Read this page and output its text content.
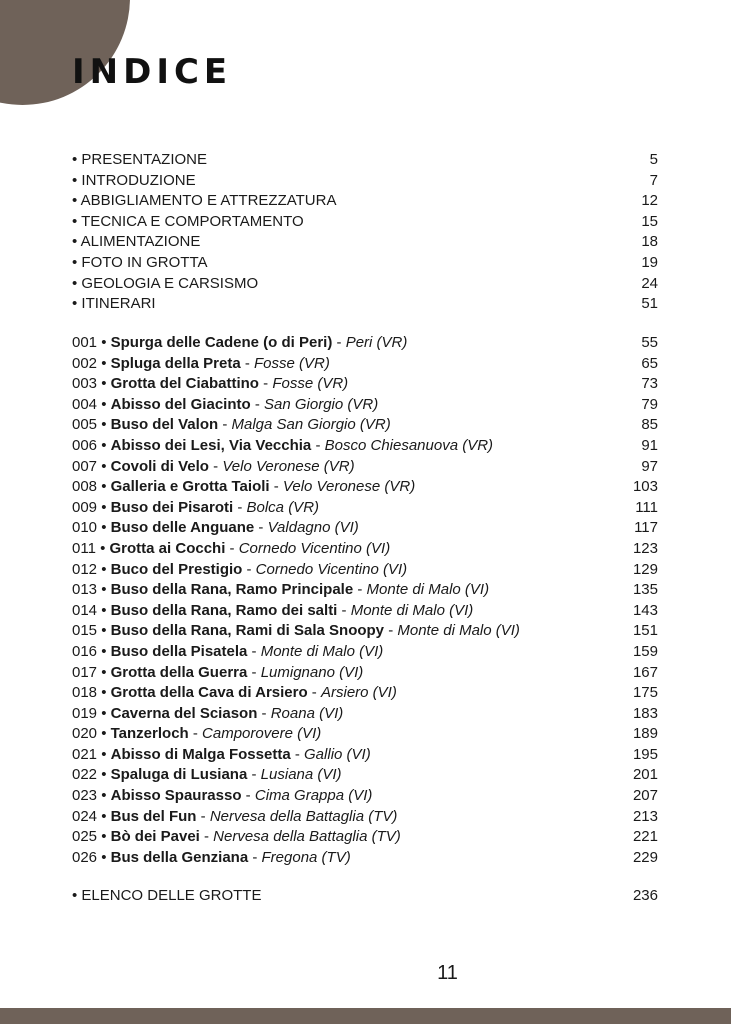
INDICE
• PRESENTAZIONE	5
• INTRODUZIONE	7
• ABBIGLIAMENTO E ATTREZZATURA	12
• TECNICA E COMPORTAMENTO	15
• ALIMENTAZIONE	18
• FOTO IN GROTTA	19
• GEOLOGIA E CARSISMO	24
• ITINERARI	51
001 • Spurga delle Cadene (o di Peri) - Peri (VR)	55
002 • Spluga della Preta - Fosse (VR)	65
003 • Grotta del Ciabattino - Fosse (VR)	73
004 • Abisso del Giacinto - San Giorgio (VR)	79
005 • Buso del Valon - Malga San Giorgio (VR)	85
006 • Abisso dei Lesi, Via Vecchia - Bosco Chiesanuova (VR)	91
007 • Covoli di Velo - Velo Veronese (VR)	97
008 • Galleria e Grotta Taioli - Velo Veronese (VR)	103
009 • Buso dei Pisaroti - Bolca (VR)	111
010 • Buso delle Anguane - Valdagno (VI)	117
011 • Grotta ai Cocchi - Cornedo Vicentino (VI)	123
012 • Buco del Prestigio - Cornedo Vicentino (VI)	129
013 • Buso della Rana, Ramo Principale - Monte di Malo (VI)	135
014 • Buso della Rana, Ramo dei salti - Monte di Malo (VI)	143
015 • Buso della Rana, Rami di Sala Snoopy - Monte di Malo (VI)	151
016 • Buso della Pisatela - Monte di Malo (VI)	159
017 • Grotta della Guerra - Lumignano (VI)	167
018 • Grotta della Cava di Arsiero - Arsiero (VI)	175
019 • Caverna del Sciason - Roana (VI)	183
020 • Tanzerloch - Camporovere (VI)	189
021 • Abisso di Malga Fossetta - Gallio (VI)	195
022 • Spaluga di Lusiana - Lusiana (VI)	201
023 • Abisso Spaurasso - Cima Grappa (VI)	207
024 • Bus del Fun - Nervesa della Battaglia (TV)	213
025 • Bò dei Pavei - Nervesa della Battaglia (TV)	221
026 • Bus della Genziana - Fregona (TV)	229
• ELENCO DELLE GROTTE	236
11
